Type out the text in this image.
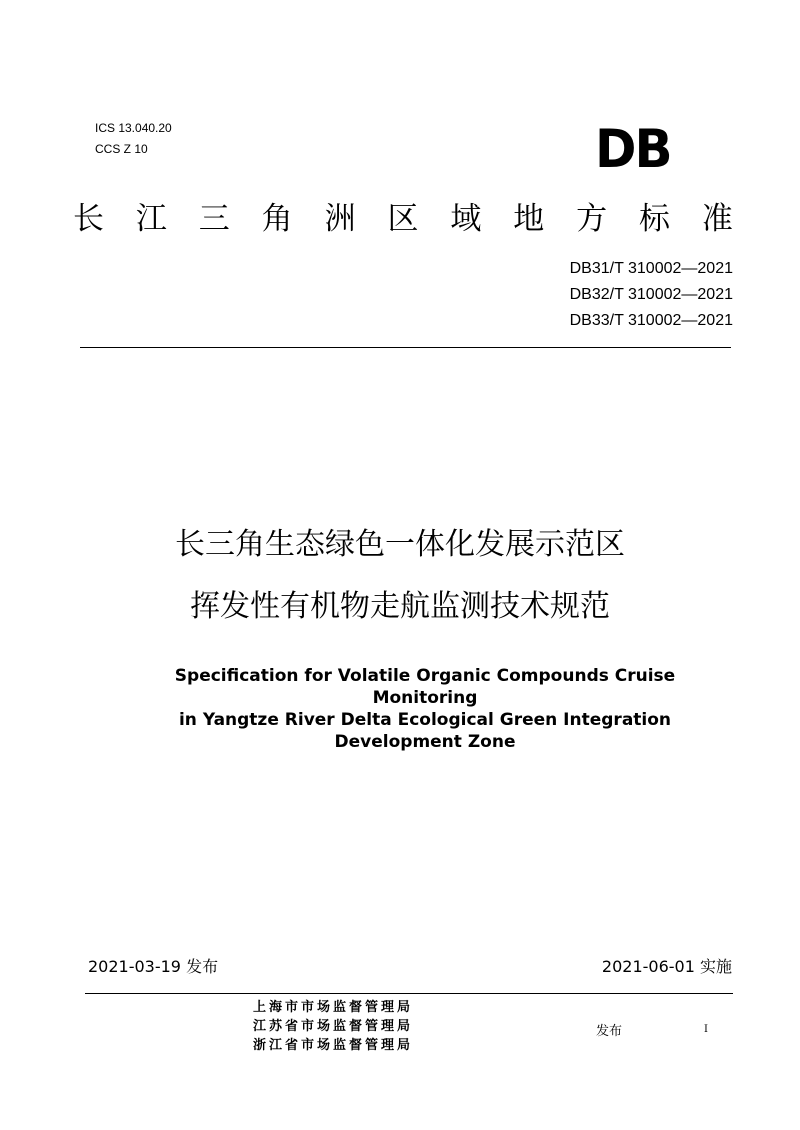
ICS 13.040.20
CCS Z 10	DB
长 江 三 角 洲 区 域 地 方 标 准
DB31/T 310002—2021
DB32/T 310002—2021
DB33/T 310002—2021
长三角生态绿色一体化发展示范区
挥发性有机物走航监测技术规范
Specification for Volatile Organic Compounds Cruise
Monitoring
in Yangtze River Delta Ecological Green Integration
Development Zone
2021-03-19 发布	2021-06-01 实施
上海市市场监督管理局
江苏省市场监督管理局
浙江省市场监督管理局
发布	I
